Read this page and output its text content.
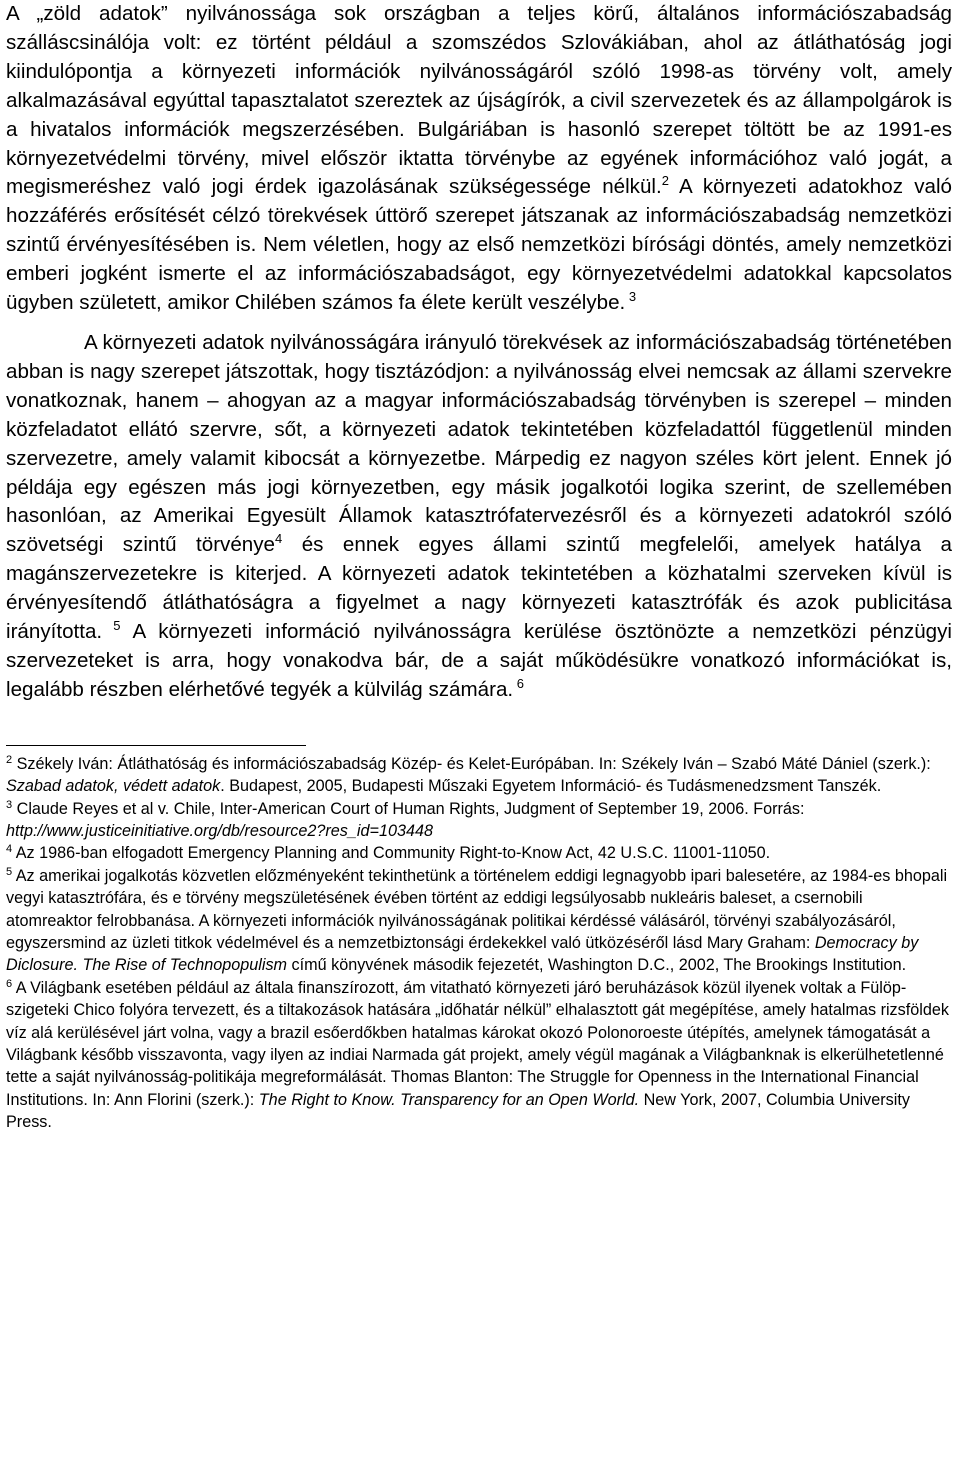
A „zöld adatok” nyilvánossága sok országban a teljes körű, általános információszabadság szálláscsinálója volt: ez történt például a szomszédos Szlovákiában, ahol az átláthatóság jogi kiindulópontja a környezeti információk nyilvánosságáról szóló 1998-as törvény volt, amely alkalmazásával egyúttal tapasztalatot szereztek az újságírók, a civil szervezetek és az állampolgárok is a hivatalos információk megszerzésében. Bulgáriában is hasonló szerepet töltött be az 1991-es környezetvédelmi törvény, mivel először iktatta törvénybe az egyének információhoz való jogát, a megismeréshez való jogi érdek igazolásának szükségessége nélkül.$^2$ A környezeti adatokhoz való hozzáférés erősítését célzó törekvések úttörő szerepet játszanak az információszabadság nemzetközi szintű érvényesítésében is. Nem véletlen, hogy az első nemzetközi bírósági döntés, amely nemzetközi emberi jogként ismerte el az információszabadságot, egy környezetvédelmi adatokkal kapcsolatos ügyben született, amikor Chilében számos fa élete került veszélybe. $^3$

A környezeti adatok nyilvánosságára irányuló törekvések az információszabadság történetében abban is nagy szerepet játszottak, hogy tisztázódjon: a nyilvánosság elvei nemcsak az állami szervekre vonatkoznak, hanem – ahogyan az a magyar információszabadság törvényben is szerepel – minden közfeladatot ellátó szervre, sőt, a környezeti adatok tekintetében közfeladattól függetlenül minden szervezetre, amely valamit kibocsát a környezetbe. Márpedig ez nagyon széles kört jelent. Ennek jó példája egy egészen más jogi környezetben, egy másik jogalkotói logika szerint, de szellemében hasonlóan, az Amerikai Egyesült Államok katasztrófatervezésről és a környezeti adatokról szóló szövetségi szintű törvénye$^4$ és ennek egyes állami szintű megfelelői, amelyek hatálya a magánszervezetekre is kiterjed. A környezeti adatok tekintetében a közhatalmi szerveken kívül is érvényesítendő átláthatóságra a figyelmet a nagy környezeti katasztrófák és azok publicitása irányította. $^5$ A környezeti információ nyilvánosságra kerülése ösztönözte a nemzetközi pénzügyi szervezeteket is arra, hogy vonakodva bár, de a saját működésükre vonatkozó információkat is, legalább részben elérhetővé tegyék a külvilág számára. $^6$

$^2$ Székely Iván: Átláthatóság és információszabadság Közép- és Kelet-Európában. In: Székely Iván – Szabó Máté Dániel (szerk.): Szabad adatok, védett adatok. Budapest, 2005, Budapesti Műszaki Egyetem Információ- és Tudásmenedzsment Tanszék.

$^3$ Claude Reyes et al v. Chile, Inter-American Court of Human Rights, Judgment of September 19, 2006. Forrás: http://www.justiceinitiative.org/db/resource2?res_id=103448

$^4$ Az 1986-ban elfogadott Emergency Planning and Community Right-to-Know Act, 42 U.S.C. 11001-11050.

$^5$ Az amerikai jogalkotás közvetlen előzményeként tekinthetünk a történelem eddigi legnagyobb ipari balesetére, az 1984-es bhopali vegyi katasztrófára, és e törvény megszületésének évében történt az eddigi legsúlyosabb nukleáris baleset, a csernobili atomreaktor felrobbanása. A környezeti információk nyilvánosságának politikai kérdéssé válásáról, törvényi szabályozásáról, egyszersmind az üzleti titkok védelmével és a nemzetbiztonsági érdekekkel való ütközéséről lásd Mary Graham: Democracy by Diclosure. The Rise of Technopopulism című könyvének második fejezetét, Washington D.C., 2002, The Brookings Institution.

$^6$ A Világbank esetében például az általa finanszírozott, ám vitatható környezeti járó beruházások közül ilyenek voltak a Fülöp-szigeteki Chico folyóra tervezett, és a tiltakozások hatására „időhatár nélkül” elhalasztott gát megépítése, amely hatalmas rizsföldek víz alá kerülésével járt volna, vagy a brazil esőerdőkben hatalmas károkat okozó Polonoroeste útépítés, amelynek támogatását a Világbank később visszavonta, vagy ilyen az indiai Narmada gát projekt, amely végül magának a Világbanknak is elkerülhetetlenné tette a saját nyilvánosság-politikája megreformálását. Thomas Blanton: The Struggle for Openness in the International Financial Institutions. In: Ann Florini (szerk.): The Right to Know. Transparency for an Open World. New York, 2007, Columbia University Press.
